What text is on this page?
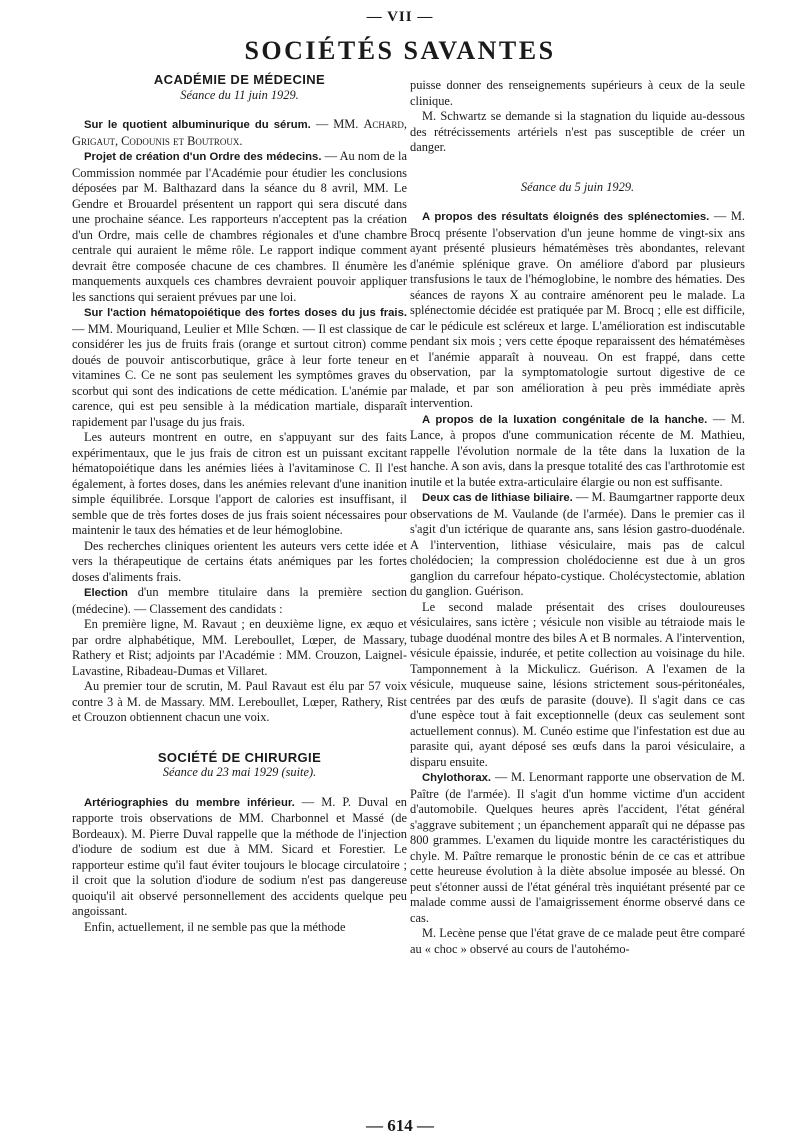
— VII —
SOCIÉTÉS SAVANTES
ACADÉMIE DE MÉDECINE
Séance du 11 juin 1929.

Sur le quotient albuminurique du sérum. — MM. Achard, Grigaut, Codounis et Boutroux.

Projet de création d'un Ordre des médecins. — Au nom de la Commission nommée par l'Académie pour étudier les conclusions déposées par M. Balthazard dans la séance du 8 avril, MM. Le Gendre et Brouardel présentent un rapport qui sera discuté dans une prochaine séance. Les rapporteurs n'acceptent pas la création d'un Ordre, mais celle de chambres régionales et d'une chambre centrale qui auraient le même rôle. Le rapport indique comment devrait être composée chacune de ces chambres. Il énumère les manquements auxquels ces chambres devraient pouvoir appliquer les sanctions qui seraient prévues par une loi.

Sur l'action hématopoiétique des fortes doses du jus frais. — MM. Mouriquand, Leulier et Mlle Schœn. — Il est classique de considérer les jus de fruits frais (orange et surtout citron) comme doués de pouvoir antiscorbutique, grâce à leur forte teneur en vitamines C. Ce ne sont pas seulement les symptômes graves du scorbut qui sont des indications de cette médication. L'anémie par carence, qui est peu sensible à la médication martiale, disparaît rapidement par l'usage du jus frais.

Les auteurs montrent en outre, en s'appuyant sur des faits expérimentaux, que le jus frais de citron est un puissant excitant hématopoiétique dans les anémies liées à l'avitaminose C. Il l'est également, à fortes doses, dans les anémies relevant d'une inanition simple équilibrée. Lorsque l'apport de calories est insuffisant, il semble que de très fortes doses de jus frais soient nécessaires pour maintenir le taux des hématies et de leur hémoglobine.

Des recherches cliniques orientent les auteurs vers cette idée et vers la thérapeutique de certains états anémiques par les fortes doses d'aliments frais.

Election d'un membre titulaire dans la première section (médecine). — Classement des candidats :

En première ligne, M. Ravaut ; en deuxième ligne, ex æquo et par ordre alphabétique, MM. Lereboullet, Lœper, de Massary, Rathery et Rist; adjoints par l'Académie : MM. Crouzon, Laignel-Lavastine, Ribadeau-Dumas et Villaret.

Au premier tour de scrutin, M. Paul Ravaut est élu par 57 voix contre 3 à M. de Massary. MM. Lereboullet, Lœper, Rathery, Rist et Crouzon obtiennent chacun une voix.

SOCIÉTÉ DE CHIRURGIE
Séance du 23 mai 1929 (suite).

Artériographies du membre inférieur. — M. P. Duval en rapporte trois observations de MM. Charbonnel et Massé (de Bordeaux). M. Pierre Duval rappelle que la méthode de l'injection d'iodure de sodium est due à MM. Sicard et Forestier. Le rapporteur estime qu'il faut éviter toujours le blocage circulatoire ; il croit que la solution d'iodure de sodium n'est pas dangereuse quoiqu'il ait observé personnellement des accidents quelque peu angoissant.

Enfin, actuellement, il ne semble pas que la méthode

puisse donner des renseignements supérieurs à ceux de la seule clinique.

M. Schwartz se demande si la stagnation du liquide au-dessous des rétrécissements artériels n'est pas susceptible de créer un danger.

Séance du 5 juin 1929.

A propos des résultats éloignés des splénectomies. — M. Brocq présente l'observation d'un jeune homme de vingt-six ans ayant présenté plusieurs hématémèses très abondantes, relevant d'anémie splénique grave. On améliore d'abord par plusieurs transfusions le taux de l'hémoglobine, le nombre des hématies. Des séances de rayons X au contraire aménorent peu le malade. La splénectomie décidée est pratiquée par M. Brocq ; elle est difficile, car le pédicule est scléreux et large. L'amélioration est indiscutable pendant six mois ; vers cette époque reparaissent des hématémèses et l'anémie apparaît à nouveau. On est frappé, dans cette observation, par la symptomatologie surtout digestive de ce malade, et par son amélioration à peu près immédiate après intervention.

A propos de la luxation congénitale de la hanche. — M. Lance, à propos d'une communication récente de M. Mathieu, rappelle l'évolution normale de la tête dans la luxation de la hanche. A son avis, dans la presque totalité des cas l'arthrotomie est inutile et la butée extra-articulaire élargie ou non est suffisante.

Deux cas de lithiase biliaire. — M. Baumgartner rapporte deux observations de M. Vaulande (de l'armée). Dans le premier cas il s'agit d'un ictérique de quarante ans, sans lésion gastro-duodénale. A l'intervention, lithiase vésiculaire, mais pas de calcul cholédocien; la compression cholédocienne est due à un gros ganglion du carrefour hépato-cystique. Cholécystectomie, ablation du ganglion. Guérison.

Le second malade présentait des crises douloureuses vésiculaires, sans ictère ; vésicule non visible au tétraiode mais le tubage duodénal montre des biles A et B normales. A l'intervention, vésicule épaissie, indurée, et petite collection au voisinage du hile. Tamponnement à la Mickulicz. Guérison. A l'examen de la vésicule, muqueuse saine, lésions strictement sous-péritonéales, centrées par des œufs de parasite (douve). Il s'agit dans ce cas d'une espèce tout à fait exceptionnelle (deux cas seulement sont actuellement connus). M. Cunéo estime que l'infestation est due au parasite qui, ayant déposé ses œufs dans la paroi vésiculaire, a disparu ensuite.

Chylothorax. — M. Lenormant rapporte une observation de M. Paître (de l'armée). Il s'agit d'un homme victime d'un accident d'automobile. Quelques heures après l'accident, l'état général s'aggrave subitement ; un épanchement apparaît qui ne dépasse pas 800 grammes. L'examen du liquide montre les caractéristiques du chyle. M. Paître remarque le pronostic bénin de ce cas et attribue cette heureuse évolution à la diète absolue imposée au blessé. On peut s'étonner aussi de l'état général très inquiétant présenté par ce malade comme aussi de l'amaigrissement énorme observé dans ce cas.

M. Lecène pense que l'état grave de ce malade peut être comparé au « choc » observé au cours de l'autohémo-

— 614 —
